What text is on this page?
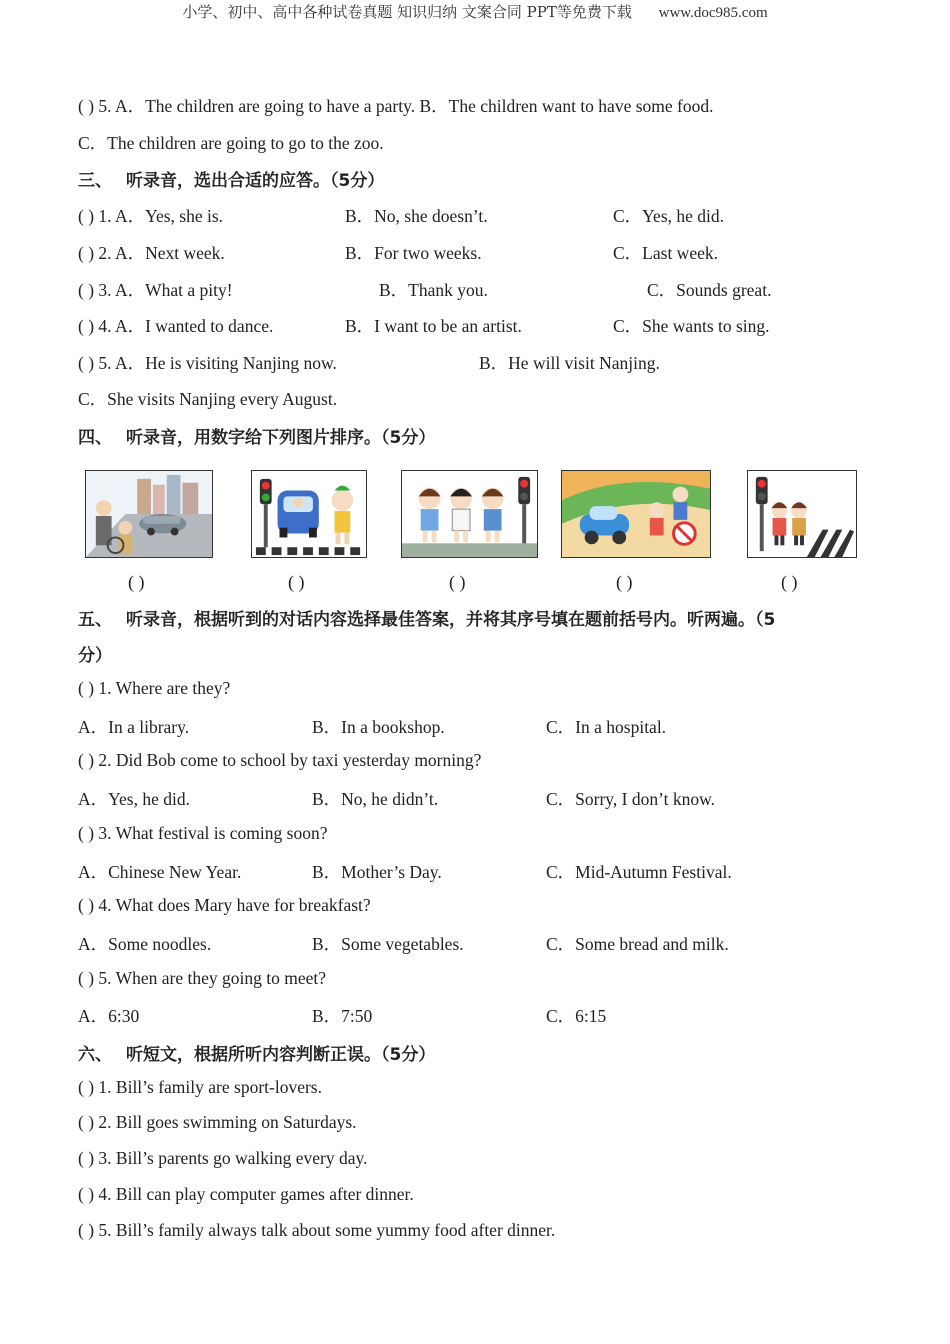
小学、初中、高中各种试卷真题 知识归纳 文案合同 PPT等免费下载 www.doc985.com
( ) 5. A．The children are going to have a party. B．The children want to have some food.
C．The children are going to go to the zoo.
三、 听录音，选出合适的应答。（5分）
( ) 1. A．Yes, she is.	B．No, she doesn’t.	C．Yes, he did.
( ) 2. A．Next week.	B．For two weeks.	C．Last week.
( ) 3. A．What a pity!	B．Thank you.	C．Sounds great.
( ) 4. A．I wanted to dance.	B．I want to be an artist.	C．She wants to sing.
( ) 5. A．He is visiting Nanjing now.	B．He will visit Nanjing.
C．She visits Nanjing every August.
四、 听录音，用数字给下列图片排序。（5分）
( )	( )	( )	( )	( )
五、 听录音，根据听到的对话内容选择最佳答案，并将其序号填在题前括号内。听两遍。（5
分）
( ) 1. Where are they?
A．In a library.	B．In a bookshop.	C．In a hospital.
( ) 2. Did Bob come to school by taxi yesterday morning?
A．Yes, he did.	B．No, he didn’t.	C．Sorry, I don’t know.
( ) 3. What festival is coming soon?
A．Chinese New Year.	B．Mother’s Day.	C．Mid-Autumn Festival.
( ) 4. What does Mary have for breakfast?
A．Some noodles.	B．Some vegetables.	C．Some bread and milk.
( ) 5. When are they going to meet?
A．6:30	B．7:50	C．6:15
六、 听短文，根据所听内容判断正误。（5分）
( ) 1. Bill’s family are sport-lovers.
( ) 2. Bill goes swimming on Saturdays.
( ) 3. Bill’s parents go walking every day.
( ) 4. Bill can play computer games after dinner.
( ) 5. Bill’s family always talk about some yummy food after dinner.
